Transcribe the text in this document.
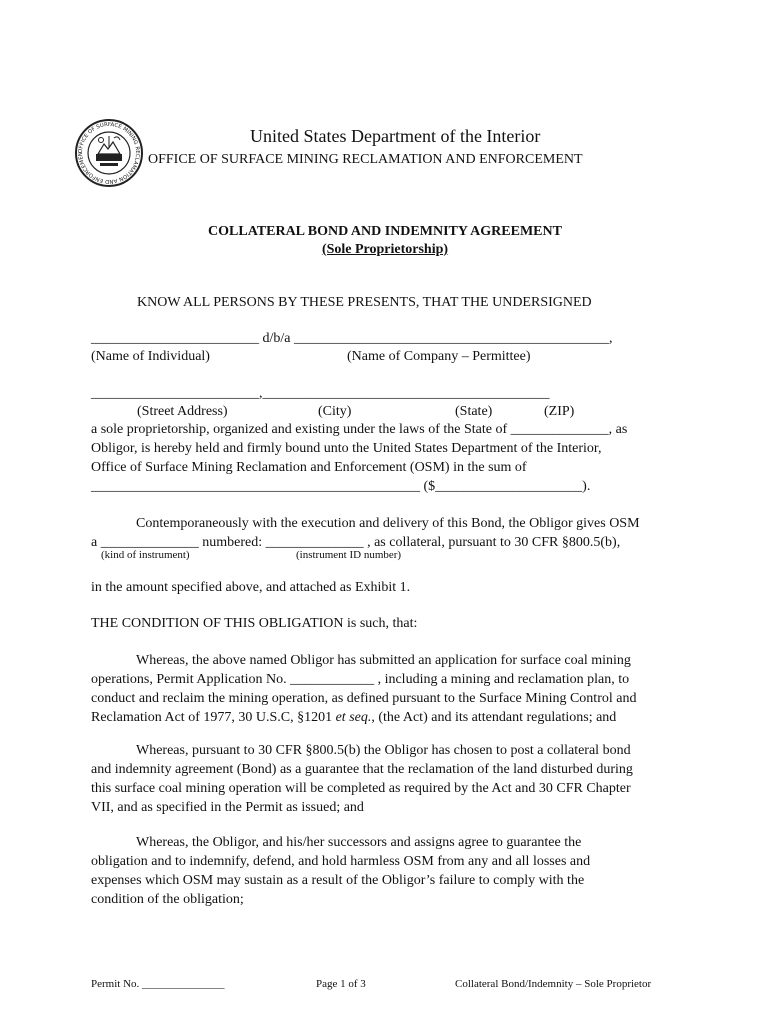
OFFICE OF SURFACE MINING RECLAMATION AND ENFORCEMEN
United States Department of the Interior
OFFICE OF SURFACE MINING RECLAMATION AND ENFORCEMENT
COLLATERAL BOND AND INDEMNITY AGREEMENT
(Sole Proprietorship)
KNOW ALL PERSONS BY THESE PRESENTS, THAT THE UNDERSIGNED
________________________ d/b/a _____________________________________________,
(Name of Individual)	(Name of Company – Permittee)
________________________,_________________________________________
(Street Address)	(City)	(State)	(ZIP)
a sole proprietorship, organized and existing under the laws of the State of ______________, as
Obligor, is hereby held and firmly bound unto the United States Department of the Interior,
Office of Surface Mining Reclamation and Enforcement (OSM) in the sum of
_______________________________________________ ($_____________________).
Contemporaneously with the execution and delivery of this Bond, the Obligor gives OSM
a ______________ numbered: ______________ , as collateral, pursuant to 30 CFR §800.5(b),
(kind of instrument)	(instrument ID number)
in the amount specified above, and attached as Exhibit 1.
THE CONDITION OF THIS OBLIGATION is such, that:
Whereas, the above named Obligor has submitted an application for surface coal mining
operations, Permit Application No. ____________ , including a mining and reclamation plan, to
conduct and reclaim the mining operation, as defined pursuant to the Surface Mining Control and
Reclamation Act of 1977, 30 U.S.C, §1201 et seq., (the Act) and its attendant regulations; and
Whereas, pursuant to 30 CFR §800.5(b) the Obligor has chosen to post a collateral bond
and indemnity agreement (Bond) as a guarantee that the reclamation of the land disturbed during
this surface coal mining operation will be completed as required by the Act and 30 CFR Chapter
VII, and as specified in the Permit as issued; and
Whereas, the Obligor, and his/her successors and assigns agree to guarantee the
obligation and to indemnify, defend, and hold harmless OSM from any and all losses and
expenses which OSM may sustain as a result of the Obligor’s failure to comply with the
condition of the obligation;
Permit No. _______________	Page 1 of 3	Collateral Bond/Indemnity – Sole Proprietor
